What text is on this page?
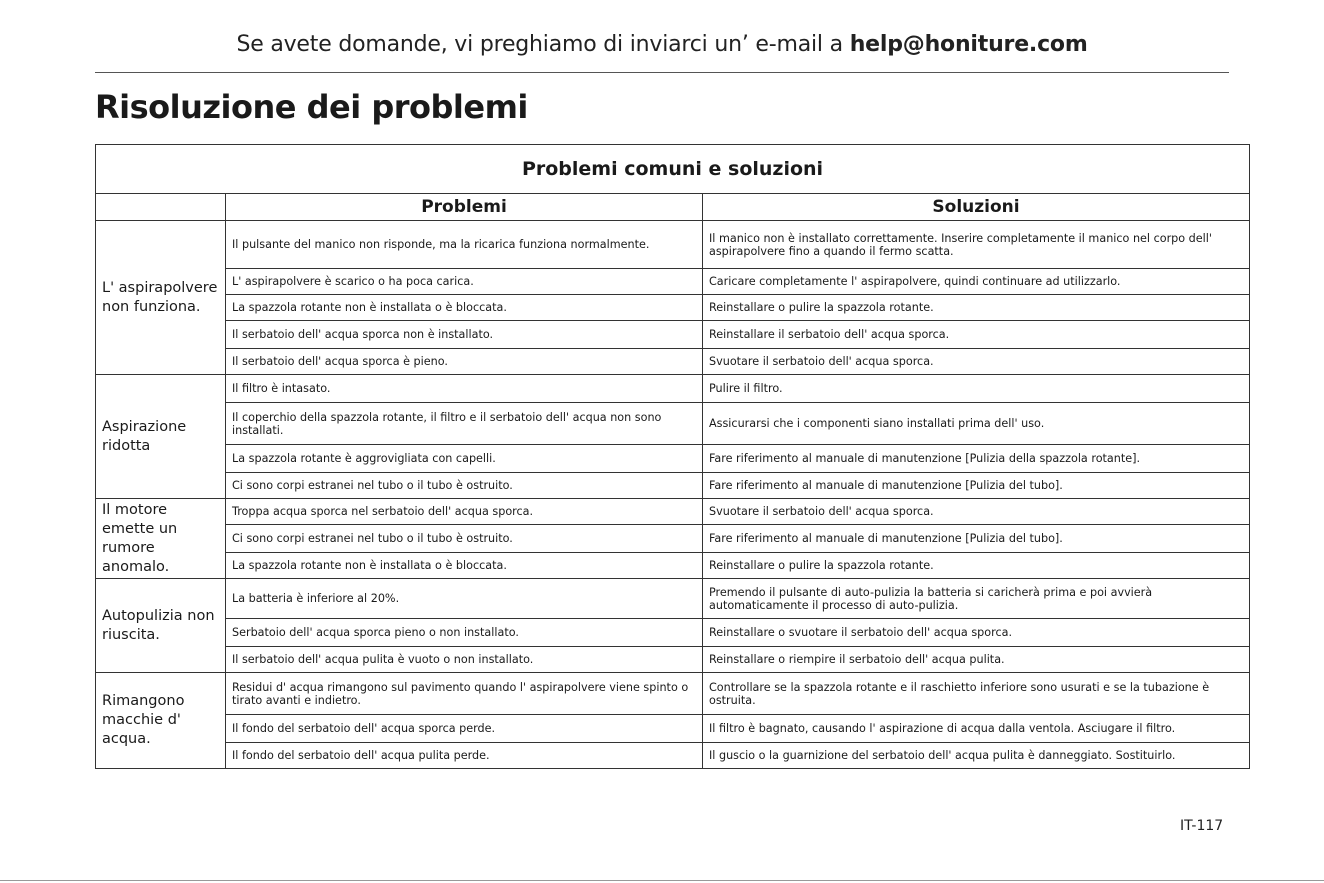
Se avete domande, vi preghiamo di inviarci un’ e-mail a help@honiture.com
Risoluzione dei problemi
Problemi comuni e soluzioni		
	Problemi	Soluzioni
L' aspirapolvere non funziona.	Il pulsante del manico non risponde, ma la ricarica funziona normalmente.	Il manico non è installato correttamente. Inserire completamente il manico nel corpo dell' aspirapolvere fino a quando il fermo scatta.
	L' aspirapolvere è scarico o ha poca carica.	Caricare completamente l' aspirapolvere, quindi continuare ad utilizzarlo.
	La spazzola rotante non è installata o è bloccata.	Reinstallare o pulire la spazzola rotante.
	Il serbatoio dell' acqua sporca non è installato.	Reinstallare il serbatoio dell' acqua sporca.
	Il serbatoio dell' acqua sporca è pieno.	Svuotare il serbatoio dell' acqua sporca.
Aspirazione ridotta	Il filtro è intasato.	Pulire il filtro.
	Il coperchio della spazzola rotante, il filtro e il serbatoio dell' acqua non sono installati.	Assicurarsi che i componenti siano installati prima dell' uso.
	La spazzola rotante è aggrovigliata con capelli.	Fare riferimento al manuale di manutenzione [Pulizia della spazzola rotante].
	Ci sono corpi estranei nel tubo o il tubo è ostruito.	Fare riferimento al manuale di manutenzione [Pulizia del tubo].
Il motore emette un rumore anomalo.	Troppa acqua sporca nel serbatoio dell' acqua sporca.	Svuotare il serbatoio dell' acqua sporca.
	Ci sono corpi estranei nel tubo o il tubo è ostruito.	Fare riferimento al manuale di manutenzione [Pulizia del tubo].
	La spazzola rotante non è installata o è bloccata.	Reinstallare o pulire la spazzola rotante.
Autopulizia non riuscita.	La batteria è inferiore al 20%.	Premendo il pulsante di auto-pulizia la batteria si caricherà prima e poi avvierà automaticamente il processo di auto-pulizia.
	Serbatoio dell' acqua sporca pieno o non installato.	Reinstallare o svuotare il serbatoio dell' acqua sporca.
	Il serbatoio dell' acqua pulita è vuoto o non installato.	Reinstallare o riempire il serbatoio dell' acqua pulita.
Rimangono macchie d' acqua.	Residui d' acqua rimangono sul pavimento quando l' aspirapolvere viene spinto o tirato avanti e indietro.	Controllare se la spazzola rotante e il raschietto inferiore sono usurati e se la tubazione è ostruita.
	Il fondo del serbatoio dell' acqua sporca perde.	Il filtro è bagnato, causando l' aspirazione di acqua dalla ventola. Asciugare il filtro.
	Il fondo del serbatoio dell' acqua pulita perde.	Il guscio o la guarnizione del serbatoio dell' acqua pulita è danneggiato. Sostituirlo.
IT-117
